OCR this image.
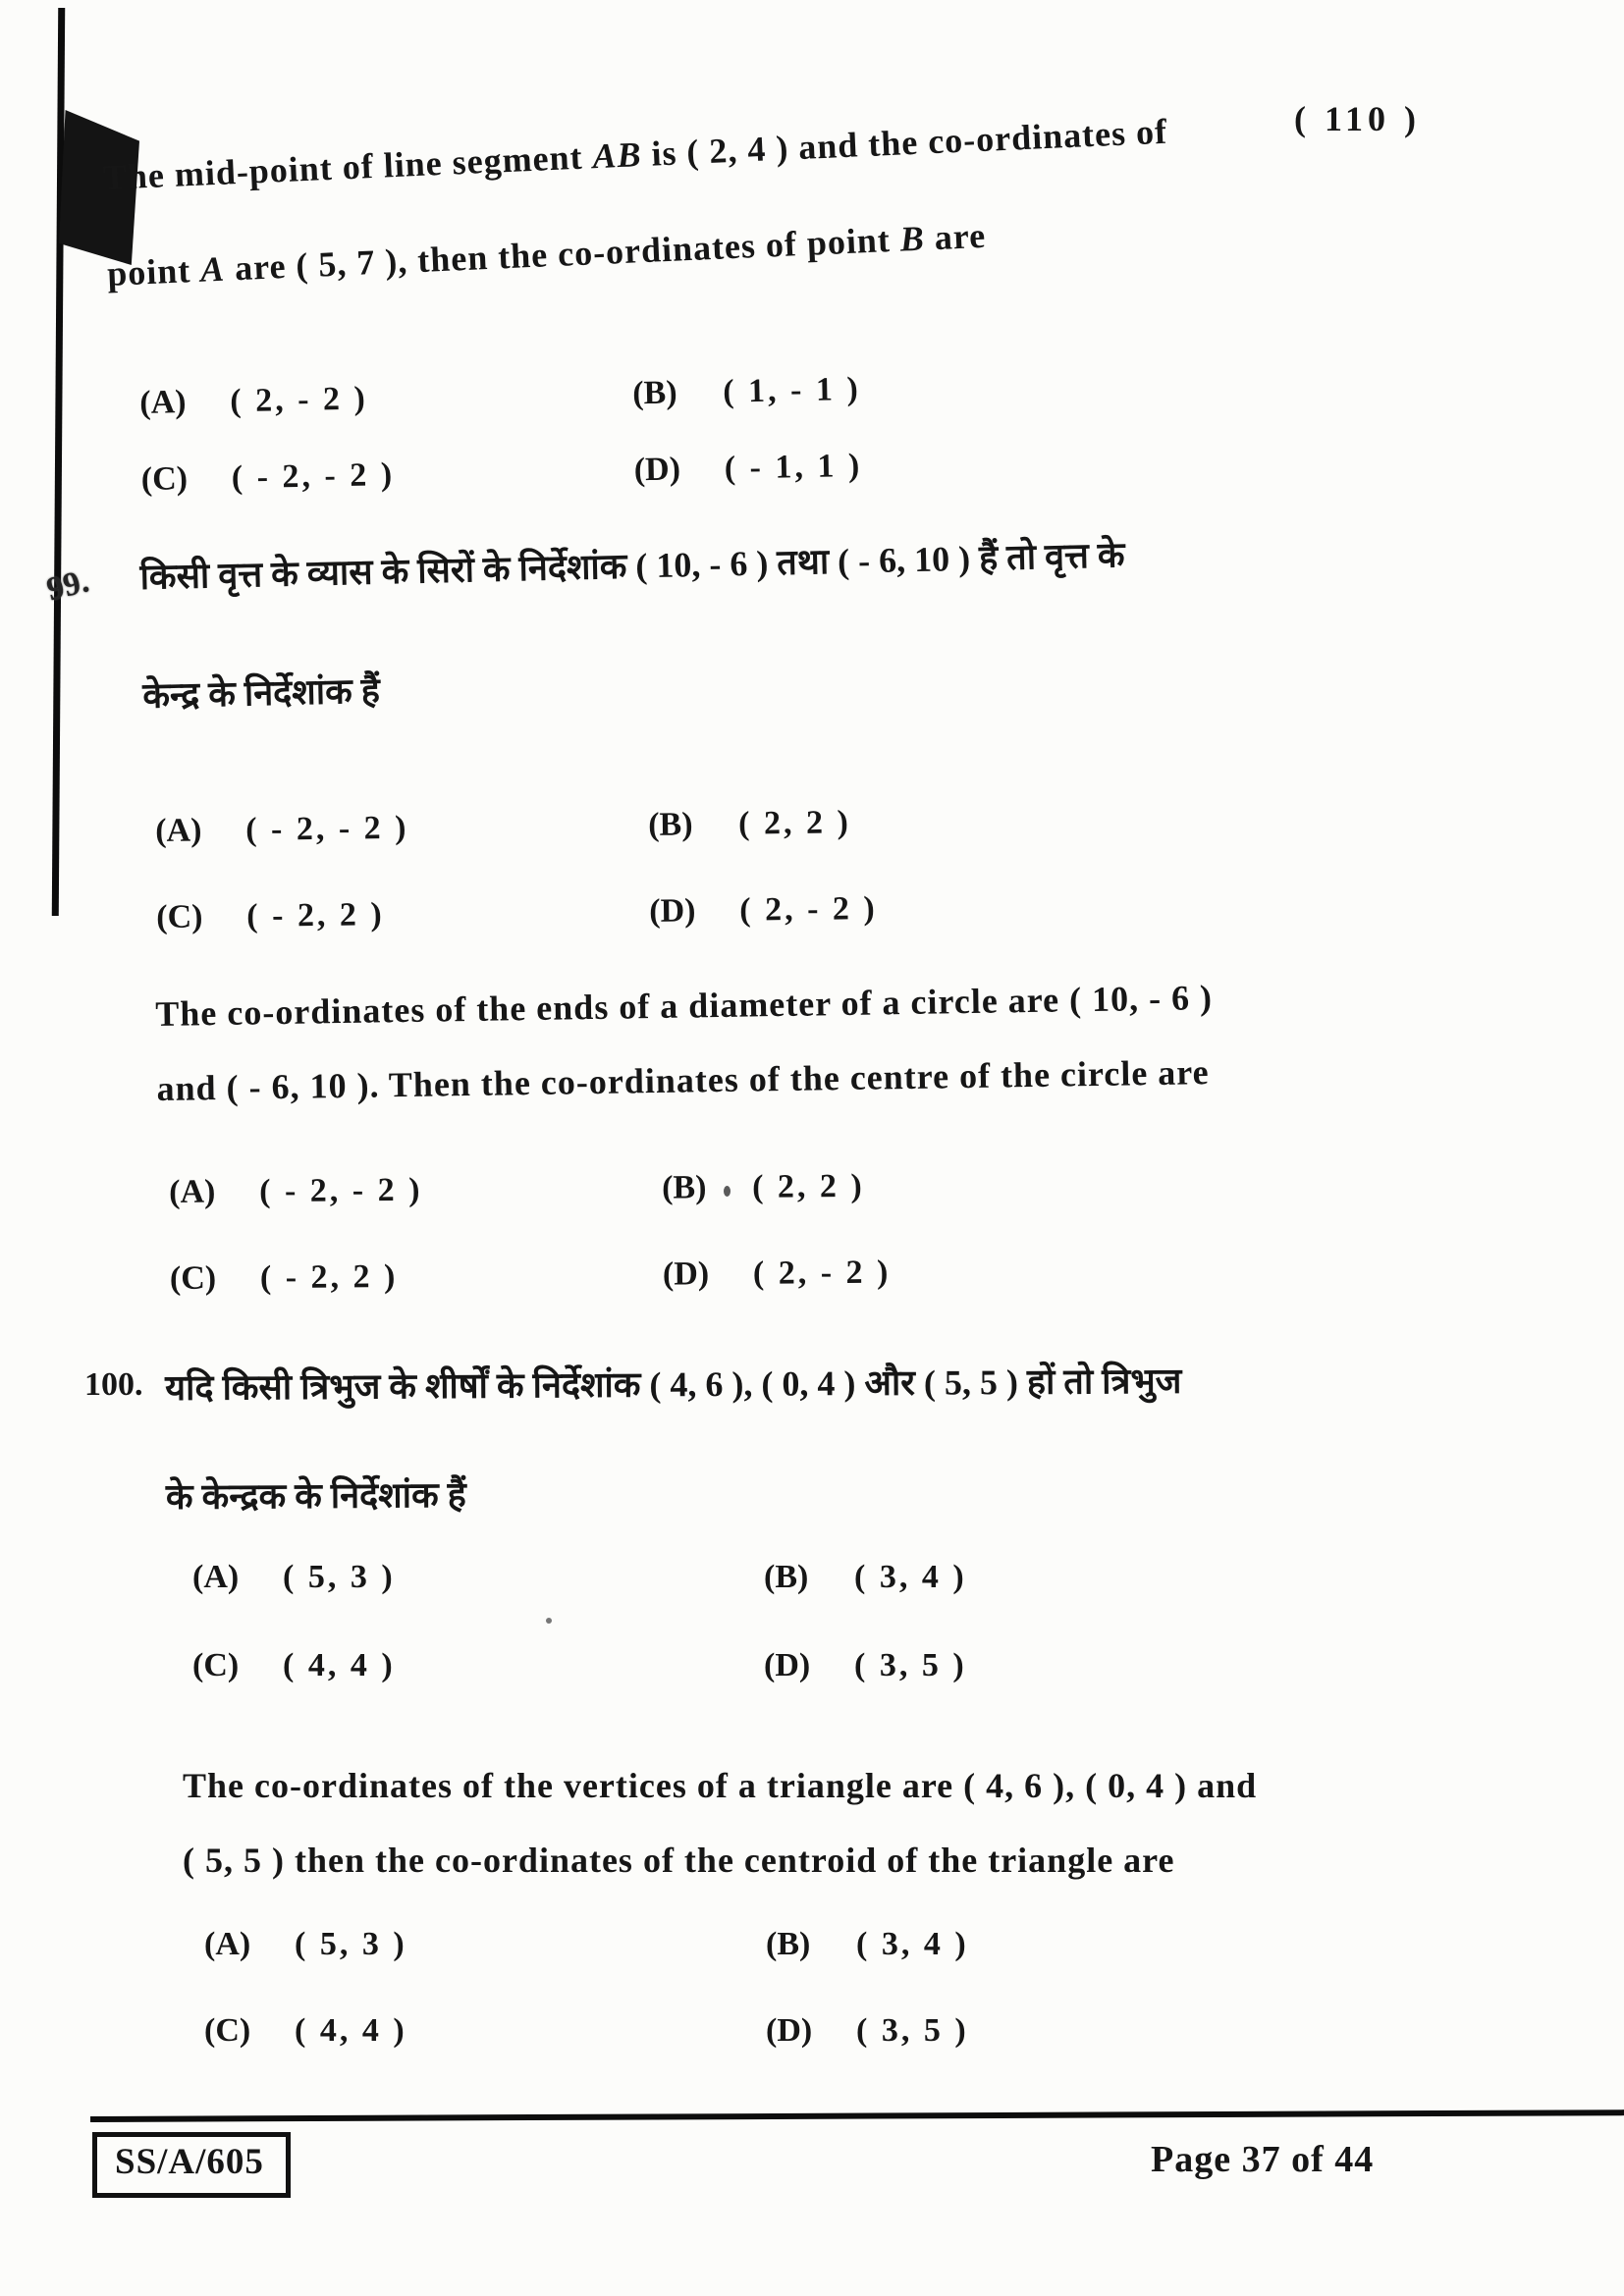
( 110 )
The mid-point of line segment AB is ( 2, 4 ) and the co-ordinates of
point A are ( 5, 7 ), then the co-ordinates of point B are
(A)	( 2, - 2 )	(B)	( 1, - 1 )
(C)	( - 2, - 2 )	(D)	( - 1, 1 )
99. किसी वृत्त के व्यास के सिरों के निर्देशांक ( 10, - 6 ) तथा ( - 6, 10 ) हैं तो वृत्त के
केन्द्र के निर्देशांक हैं
(A)	( - 2, - 2 )	(B)	( 2, 2 )
(C)	( - 2, 2 )	(D)	( 2, - 2 )
The co-ordinates of the ends of a diameter of a circle are ( 10, - 6 )
and ( - 6, 10 ). Then the co-ordinates of the centre of the circle are
(A)	( - 2, - 2 )	(B)	( 2, 2 )
(C)	( - 2, 2 )	(D)	( 2, - 2 )
100. यदि किसी त्रिभुज के शीर्षों के निर्देशांक ( 4, 6 ), ( 0, 4 ) और ( 5, 5 ) हों तो त्रिभुज
के केन्द्रक के निर्देशांक हैं
(A)	( 5, 3 )	(B)	( 3, 4 )
(C)	( 4, 4 )	(D)	( 3, 5 )
The co-ordinates of the vertices of a triangle are ( 4, 6 ), ( 0, 4 ) and
( 5, 5 ) then the co-ordinates of the centroid of the triangle are
(A)	( 5, 3 )	(B)	( 3, 4 )
(C)	( 4, 4 )	(D)	( 3, 5 )
SS/A/605	Page 37 of 44
